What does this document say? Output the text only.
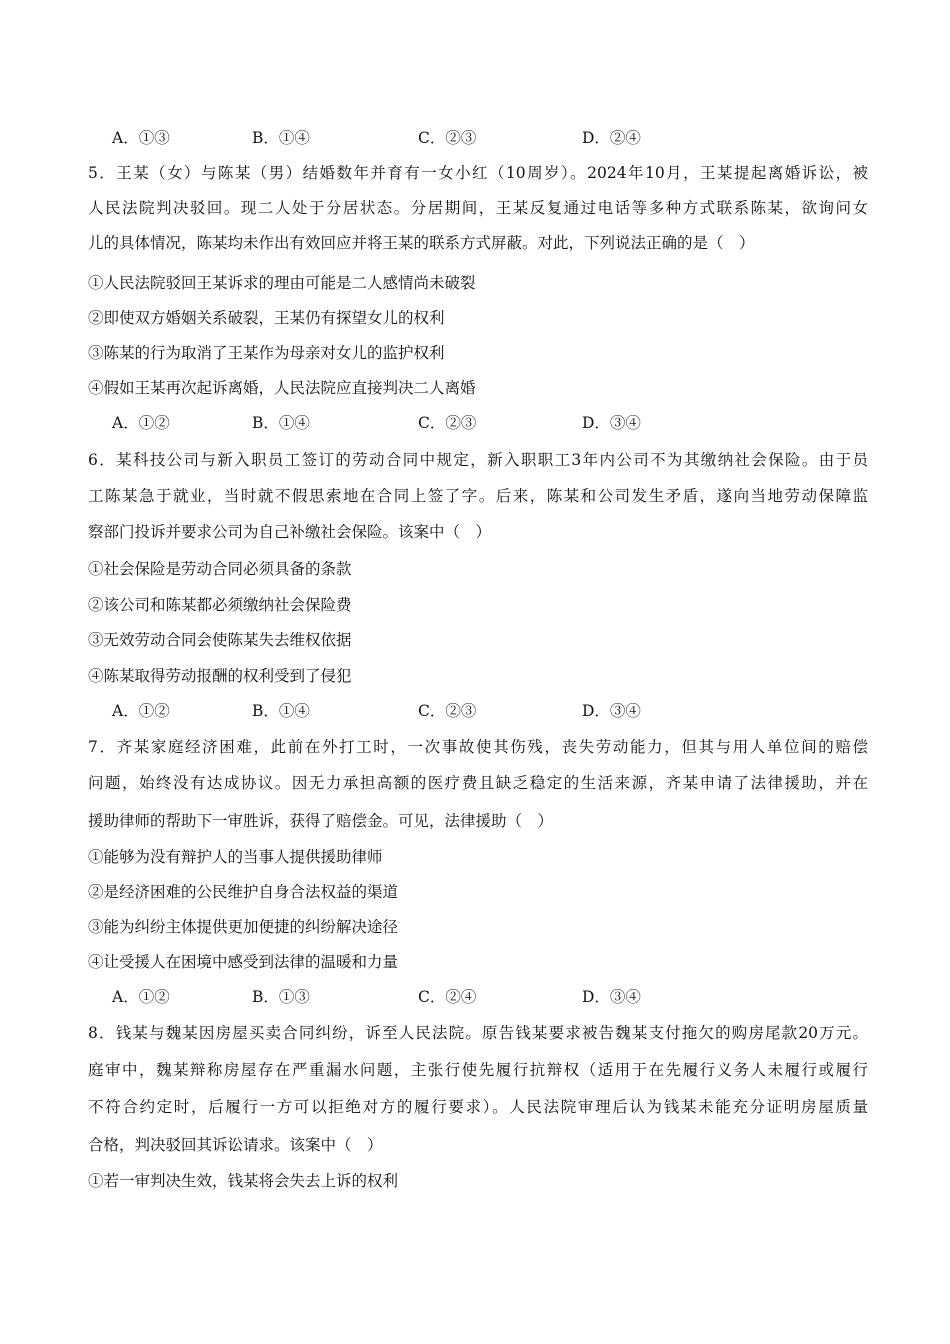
A．①③	B．①④	C．②③	D．②④
5．王某（女）与陈某（男）结婚数年并育有一女小红（10周岁）。2024年10月，王某提起离婚诉讼，被
人民法院判决驳回。现二人处于分居状态。分居期间，王某反复通过电话等多种方式联系陈某，欲询问女
儿的具体情况，陈某均未作出有效回应并将王某的联系方式屏蔽。对此，下列说法正确的是（　）
①人民法院驳回王某诉求的理由可能是二人感情尚未破裂
②即使双方婚姻关系破裂，王某仍有探望女儿的权利
③陈某的行为取消了王某作为母亲对女儿的监护权利
④假如王某再次起诉离婚，人民法院应直接判决二人离婚
A．①②	B．①④	C．②③	D．③④
6．某科技公司与新入职员工签订的劳动合同中规定，新入职职工3年内公司不为其缴纳社会保险。由于员
工陈某急于就业，当时就不假思索地在合同上签了字。后来，陈某和公司发生矛盾，遂向当地劳动保障监
察部门投诉并要求公司为自己补缴社会保险。该案中（　）
①社会保险是劳动合同必须具备的条款
②该公司和陈某都必须缴纳社会保险费
③无效劳动合同会使陈某失去维权依据
④陈某取得劳动报酬的权利受到了侵犯
A．①②	B．①④	C．②③	D．③④
7．齐某家庭经济困难，此前在外打工时，一次事故使其伤残，丧失劳动能力，但其与用人单位间的赔偿
问题，始终没有达成协议。因无力承担高额的医疗费且缺乏稳定的生活来源，齐某申请了法律援助，并在
援助律师的帮助下一审胜诉，获得了赔偿金。可见，法律援助（　）
①能够为没有辩护人的当事人提供援助律师
②是经济困难的公民维护自身合法权益的渠道
③能为纠纷主体提供更加便捷的纠纷解决途径
④让受援人在困境中感受到法律的温暖和力量
A．①②	B．①③	C．②④	D．③④
8．钱某与魏某因房屋买卖合同纠纷，诉至人民法院。原告钱某要求被告魏某支付拖欠的购房尾款20万元。
庭审中，魏某辩称房屋存在严重漏水问题，主张行使先履行抗辩权（适用于在先履行义务人未履行或履行
不符合约定时，后履行一方可以拒绝对方的履行要求）。人民法院审理后认为钱某未能充分证明房屋质量
合格，判决驳回其诉讼请求。该案中（　）
①若一审判决生效，钱某将会失去上诉的权利
